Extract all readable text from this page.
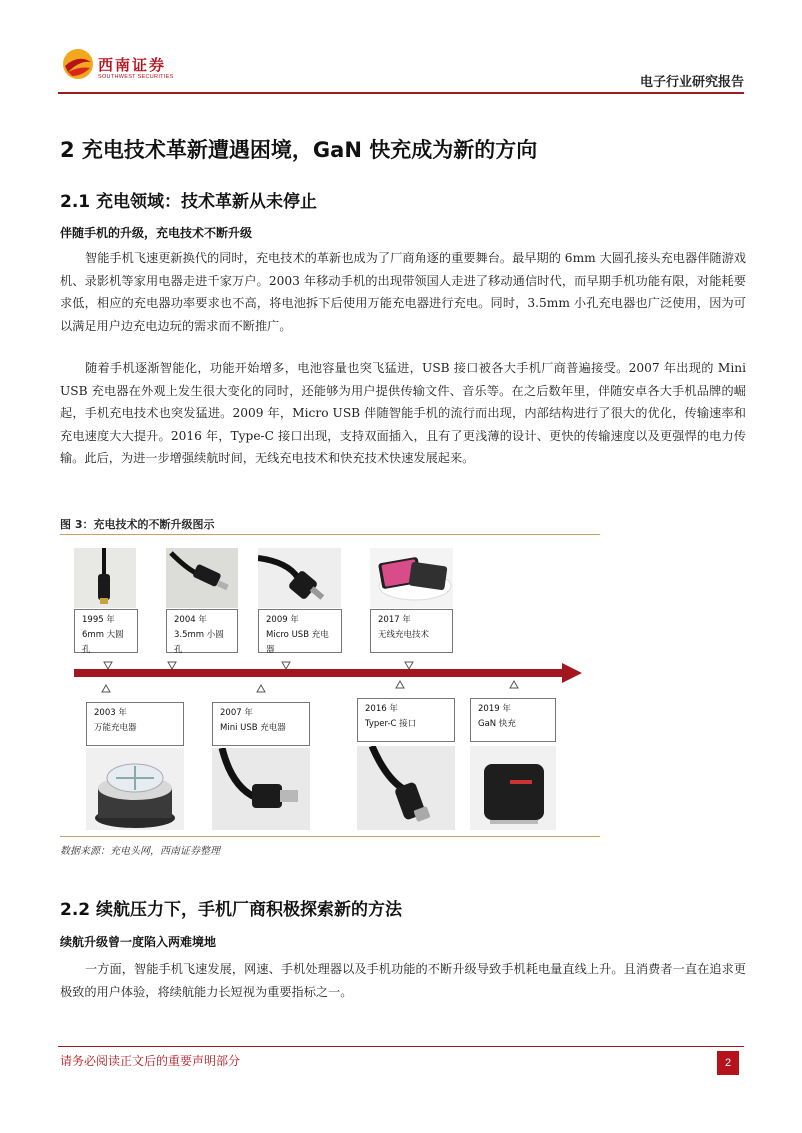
西南证券
SOUTHWEST SECURITIES	电子行业研究报告
2 充电技术革新遭遇困境，GaN 快充成为新的方向
2.1 充电领域：技术革新从未停止
伴随手机的升级，充电技术不断升级

智能手机飞速更新换代的同时，充电技术的革新也成为了厂商角逐的重要舞台。最早期的 6mm 大圆孔接头充电器伴随游戏机、录影机等家用电器走进千家万户。2003 年移动手机的出现带领国人走进了移动通信时代，而早期手机功能有限，对能耗要求低，相应的充电器功率要求也不高，将电池拆下后使用万能充电器进行充电。同时，3.5mm 小孔充电器也广泛使用，因为可以满足用户边充电边玩的需求而不断推广。

随着手机逐渐智能化，功能开始增多，电池容量也突飞猛进，USB 接口被各大手机厂商普遍接受。2007 年出现的 Mini USB 充电器在外观上发生很大变化的同时，还能够为用户提供传输文件、音乐等。在之后数年里，伴随安卓各大手机品牌的崛起，手机充电技术也突发猛进。2009 年，Micro USB 伴随智能手机的流行而出现，内部结构进行了很大的优化，传输速率和充电速度大大提升。2016 年，Type-C 接口出现，支持双面插入，且有了更浅薄的设计、更快的传输速度以及更强悍的电力传输。此后，为进一步增强续航时间，无线充电技术和快充技术快速发展起来。

图 3：充电技术的不断升级图示
1995 年
6mm 大圆孔
2004 年
3.5mm 小圆孔
2009 年
Micro USB 充电器
2017 年
无线充电技术
2003 年
万能充电器
2007 年
Mini USB 充电器
2016 年
Typer-C 接口
2019 年
GaN 快充
数据来源：充电头网，西南证券整理
2.2 续航压力下，手机厂商积极探索新的方法
续航升级曾一度陷入两难境地

一方面，智能手机飞速发展，网速、手机处理器以及手机功能的不断升级导致手机耗电量直线上升。且消费者一直在追求更极致的用户体验，将续航能力长短视为重要指标之一。

请务必阅读正文后的重要声明部分	2
